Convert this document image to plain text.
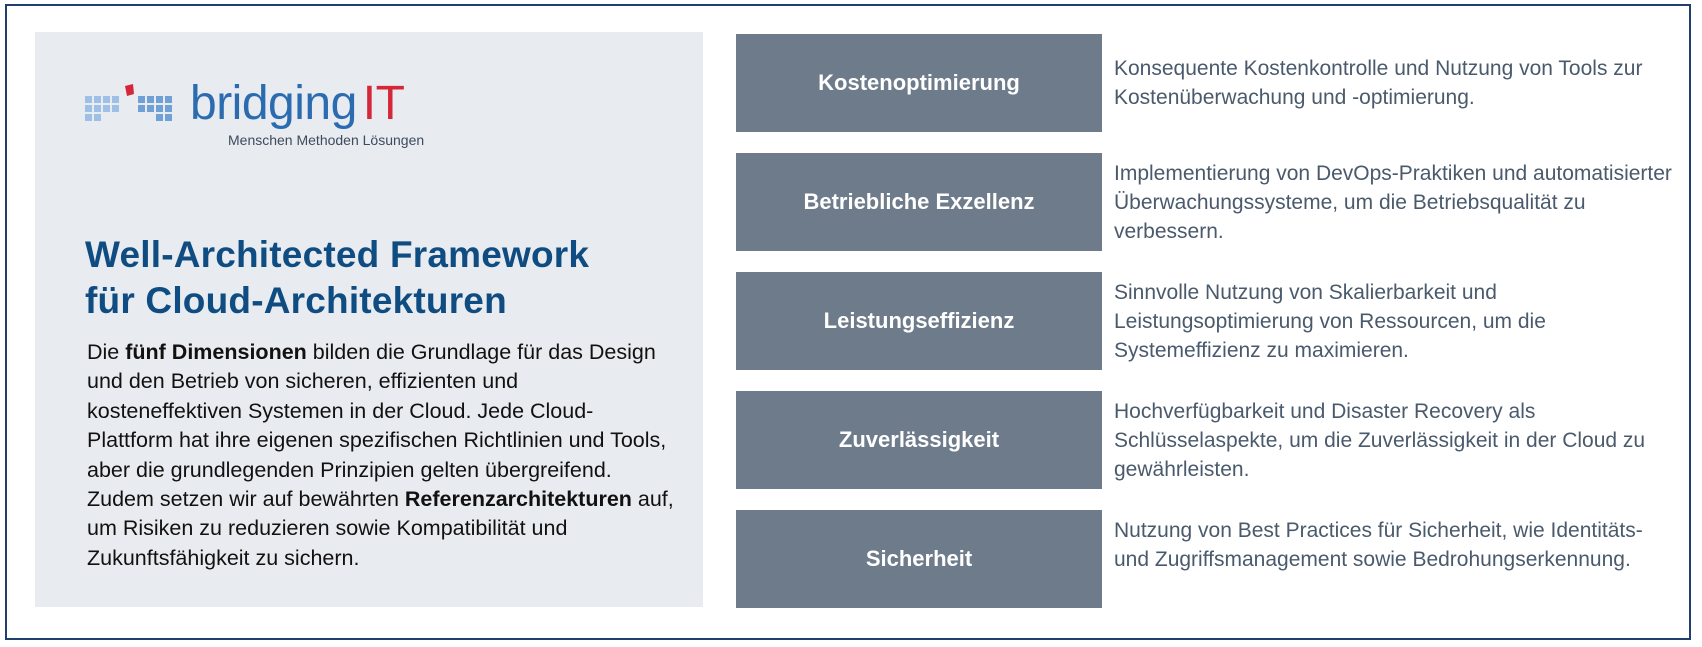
bridging IT
Menschen Methoden Lösungen
Well-Architected Framework
für Cloud-Architekturen
Die fünf Dimensionen bilden die Grundlage für das Design und den Betrieb von sicheren, effizienten und kosteneffektiven Systemen in der Cloud. Jede Cloud-Plattform hat ihre eigenen spezifischen Richtlinien und Tools, aber die grundlegenden Prinzipien gelten übergreifend. Zudem setzen wir auf bewährten Referenzarchitekturen auf, um Risiken zu reduzieren sowie Kompatibilität und Zukunftsfähigkeit zu sichern.
Kostenoptimierung
Konsequente Kostenkontrolle und Nutzung von Tools zur Kostenüberwachung und -optimierung.
Betriebliche Exzellenz
Implementierung von DevOps-Praktiken und automatisierter Überwachungssysteme, um die Betriebsqualität zu verbessern.
Leistungseffizienz
Sinnvolle Nutzung von Skalierbarkeit und Leistungsoptimierung von Ressourcen, um die Systemeffizienz zu maximieren.
Zuverlässigkeit
Hochverfügbarkeit und Disaster Recovery als Schlüsselaspekte, um die Zuverlässigkeit in der Cloud zu gewährleisten.
Sicherheit
Nutzung von Best Practices für Sicherheit, wie Identitäts- und Zugriffsmanagement sowie Bedrohungserkennung.
